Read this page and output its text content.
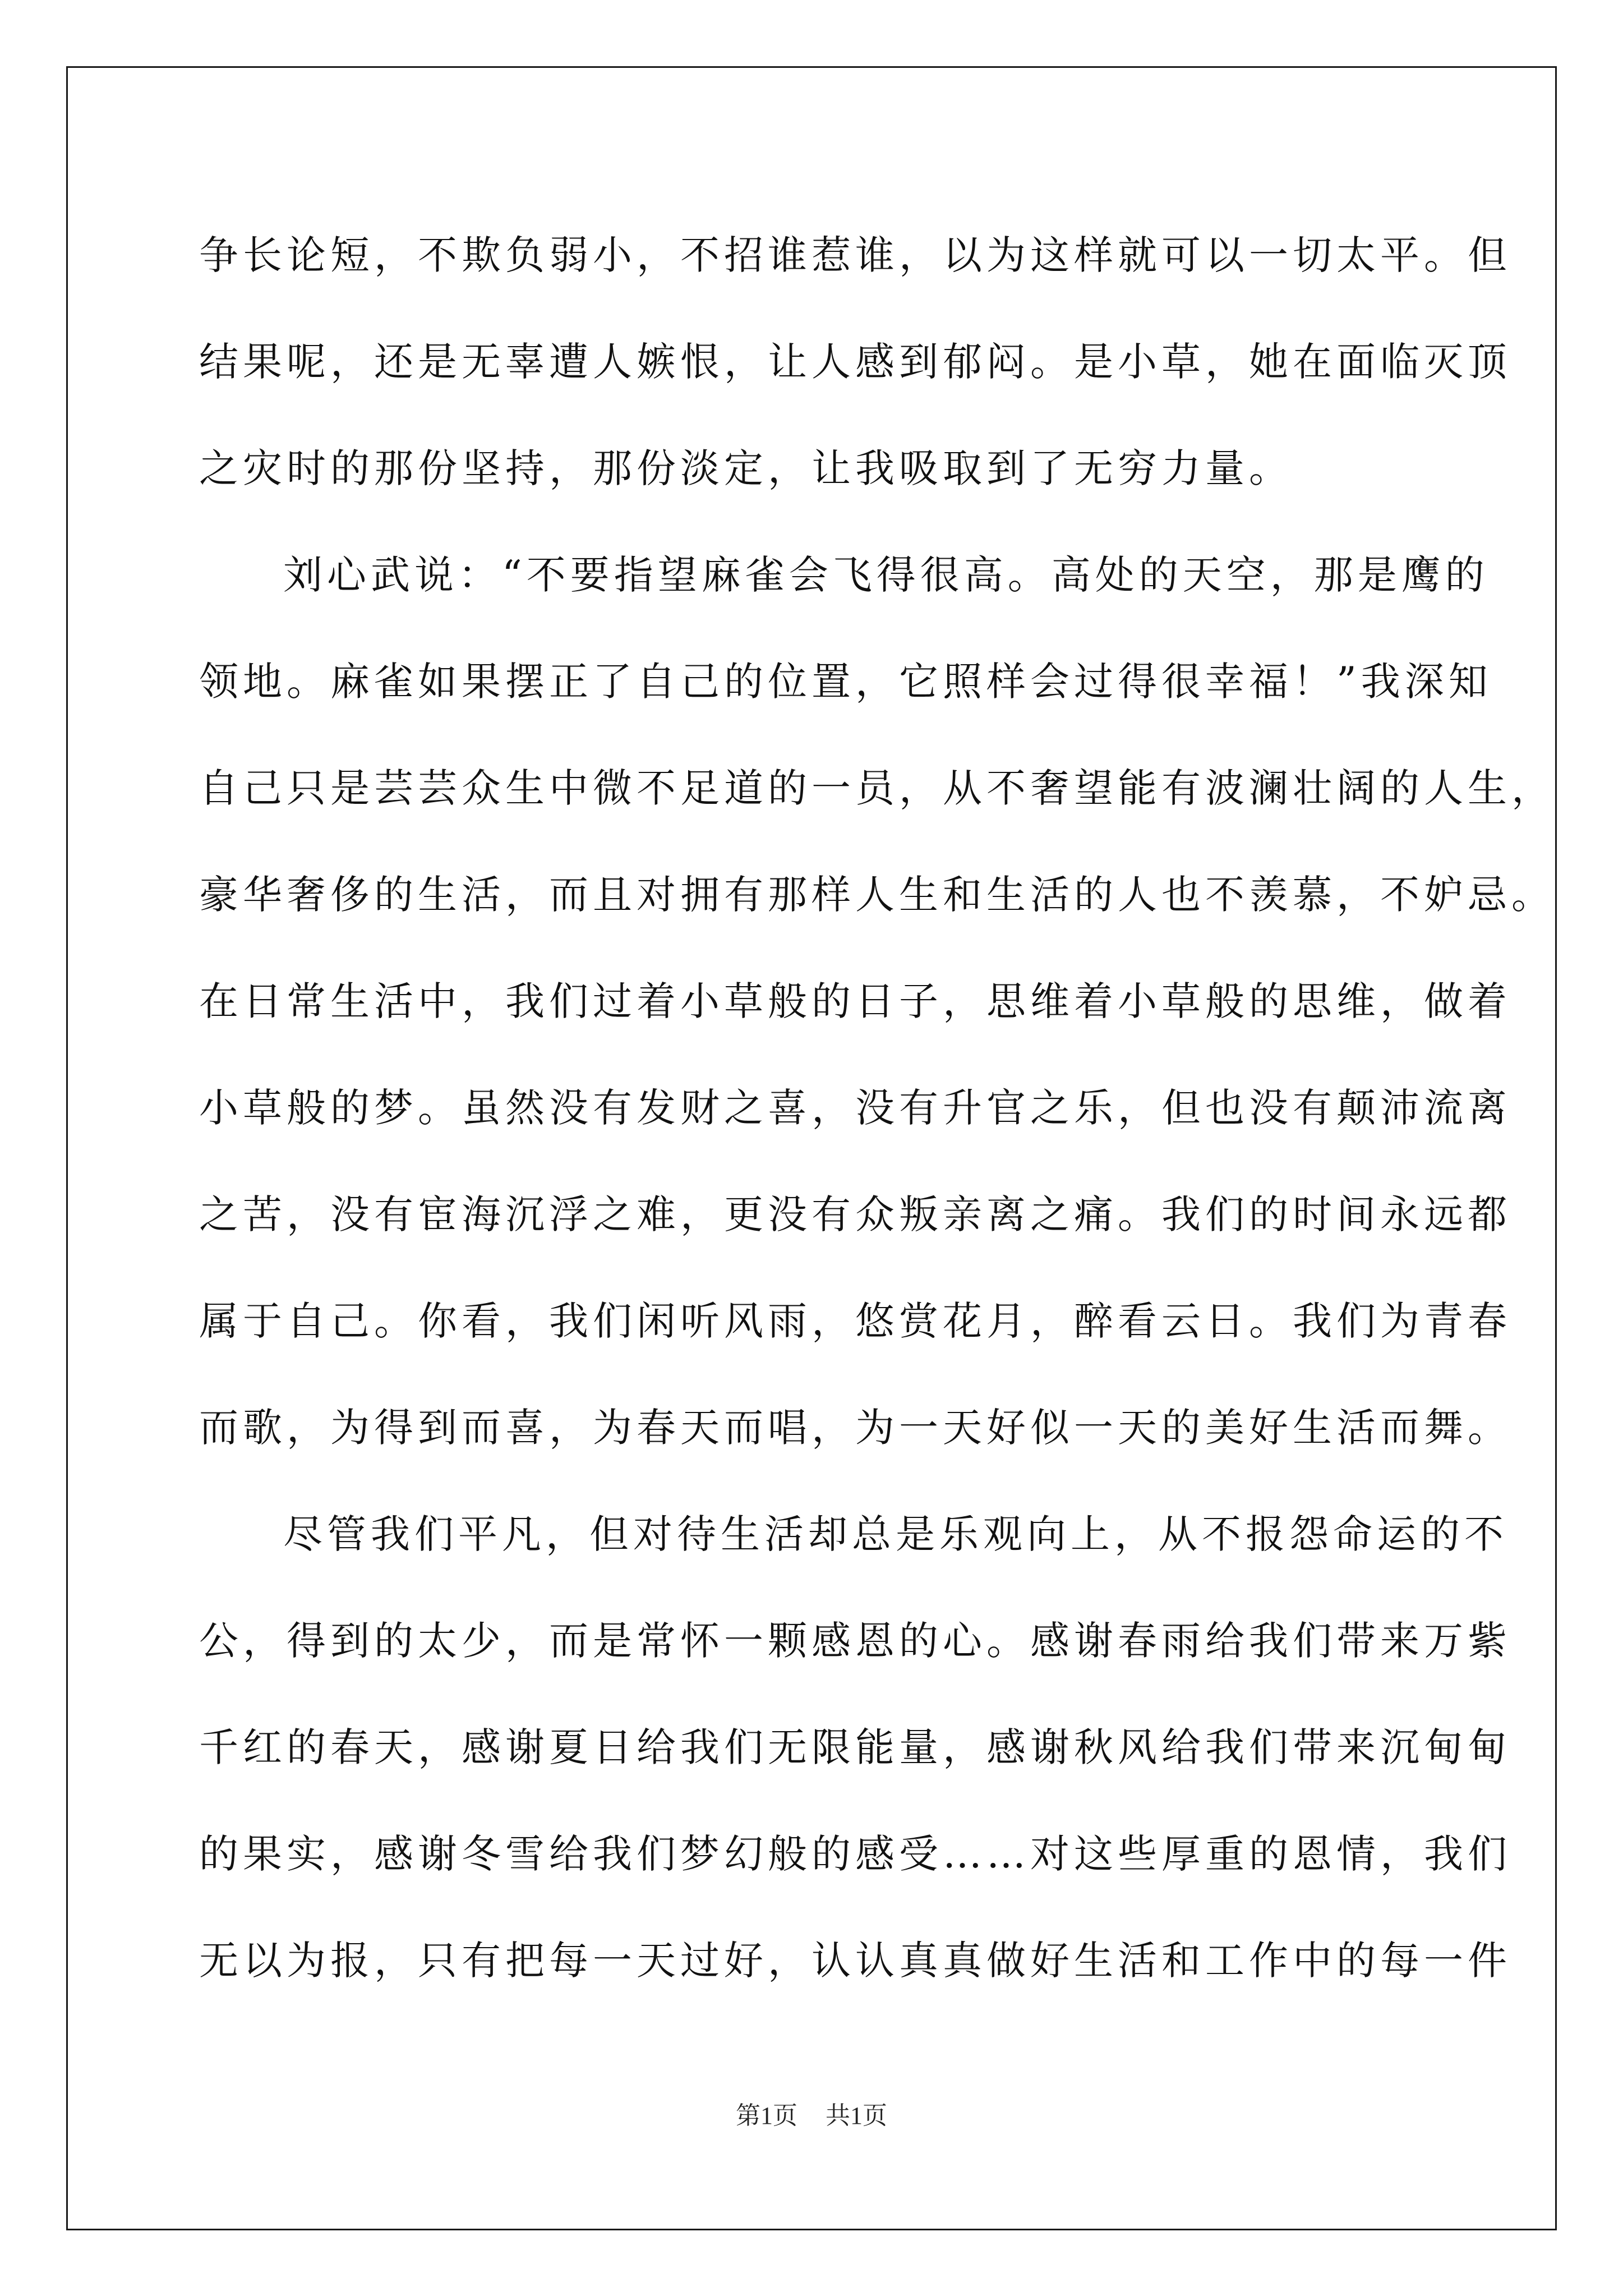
争长论短，不欺负弱小，不招谁惹谁，以为这样就可以一切太平。但
结果呢，还是无辜遭人嫉恨，让人感到郁闷。是小草，她在面临灭顶
之灾时的那份坚持，那份淡定，让我吸取到了无穷力量。
刘心武说：“不要指望麻雀会飞得很高。高处的天空，那是鹰的
领地。麻雀如果摆正了自己的位置，它照样会过得很幸福！”我深知
自己只是芸芸众生中微不足道的一员，从不奢望能有波澜壮阔的人生，
豪华奢侈的生活，而且对拥有那样人生和生活的人也不羡慕，不妒忌。
在日常生活中，我们过着小草般的日子，思维着小草般的思维，做着
小草般的梦。虽然没有发财之喜，没有升官之乐，但也没有颠沛流离
之苦，没有宦海沉浮之难，更没有众叛亲离之痛。我们的时间永远都
属于自己。你看，我们闲听风雨，悠赏花月，醉看云日。我们为青春
而歌，为得到而喜，为春天而唱，为一天好似一天的美好生活而舞。
尽管我们平凡，但对待生活却总是乐观向上，从不报怨命运的不
公，得到的太少，而是常怀一颗感恩的心。感谢春雨给我们带来万紫
千红的春天，感谢夏日给我们无限能量，感谢秋风给我们带来沉甸甸
的果实，感谢冬雪给我们梦幻般的感受……对这些厚重的恩情，我们
无以为报，只有把每一天过好，认认真真做好生活和工作中的每一件
第1页 共1页
